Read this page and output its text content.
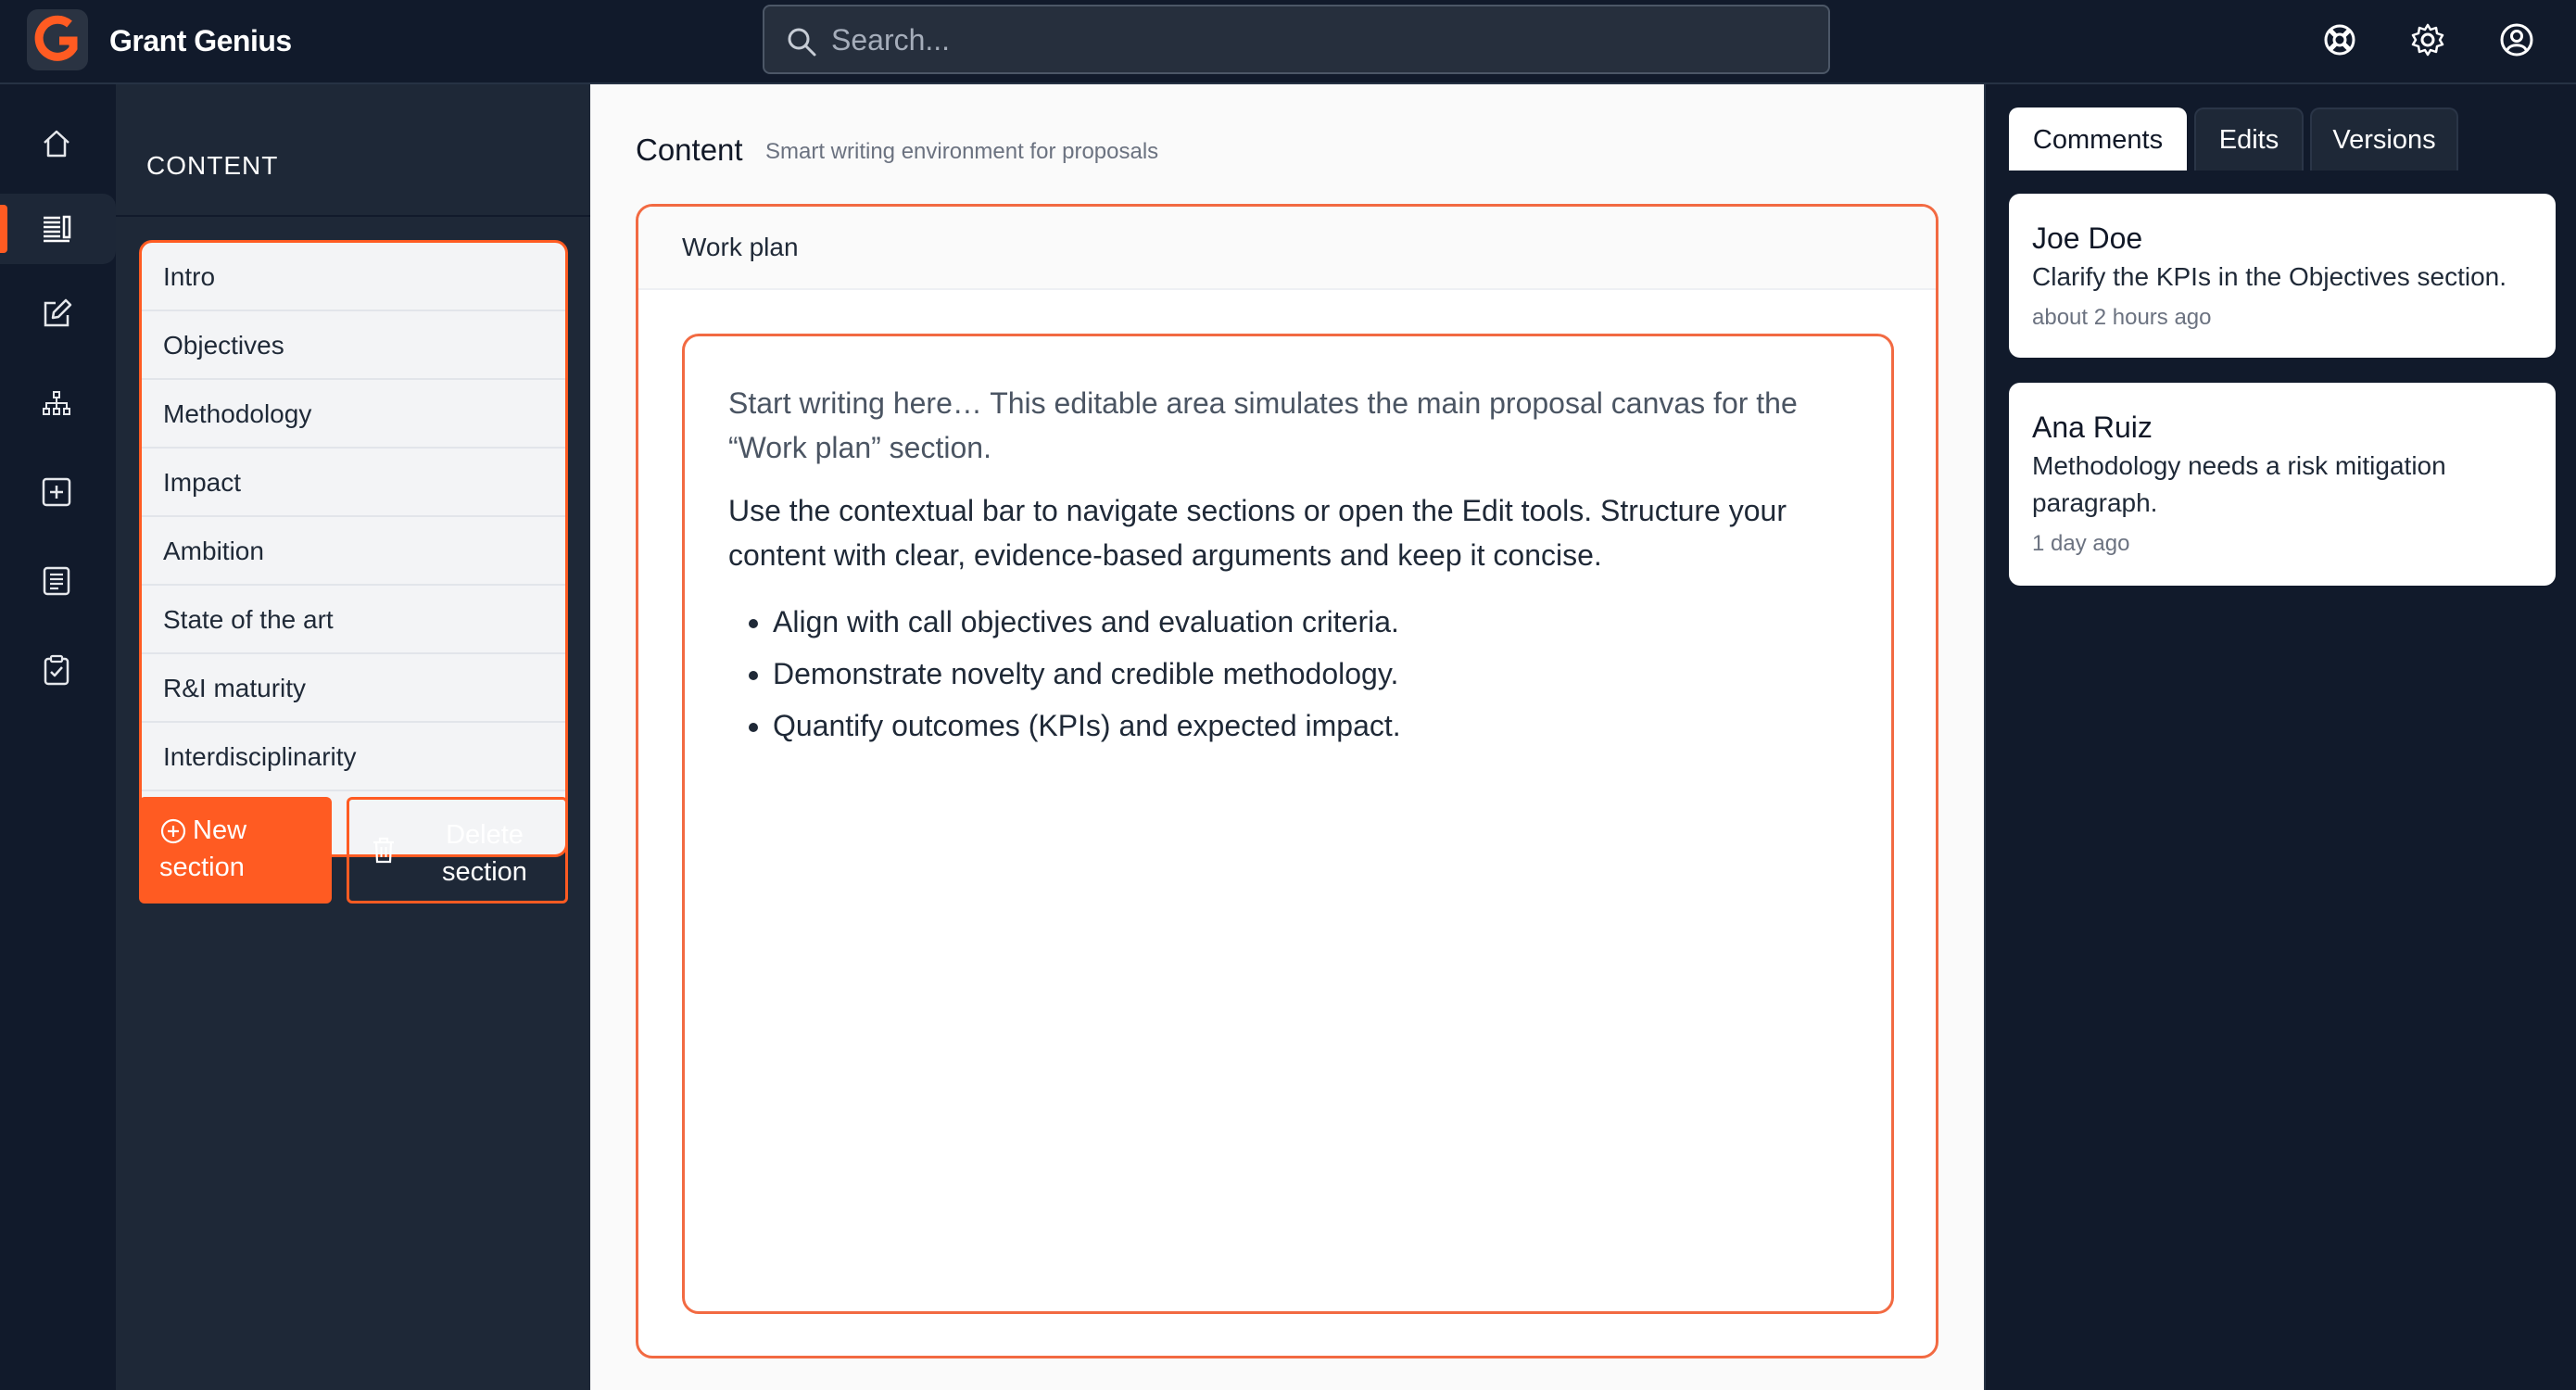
Grant Genius
Search...
CONTENT
Intro
Objectives
Methodology
Impact
Ambition
State of the art
R&I maturity
Interdisciplinarity
New
section
Delete
section
Content Smart writing environment for proposals
Work plan

Start writing here… This editable area simulates the main proposal canvas for the “Work plan” section.

Use the contextual bar to navigate sections or open the Edit tools. Structure your content with clear, evidence-based arguments and keep it concise.

• Align with call objectives and evaluation criteria.
• Demonstrate novelty and credible methodology.
• Quantify outcomes (KPIs) and expected impact.
Comments	Edits	Versions
Joe Doe
Clarify the KPIs in the Objectives section.
about 2 hours ago
Ana Ruiz
Methodology needs a risk mitigation paragraph.
1 day ago
